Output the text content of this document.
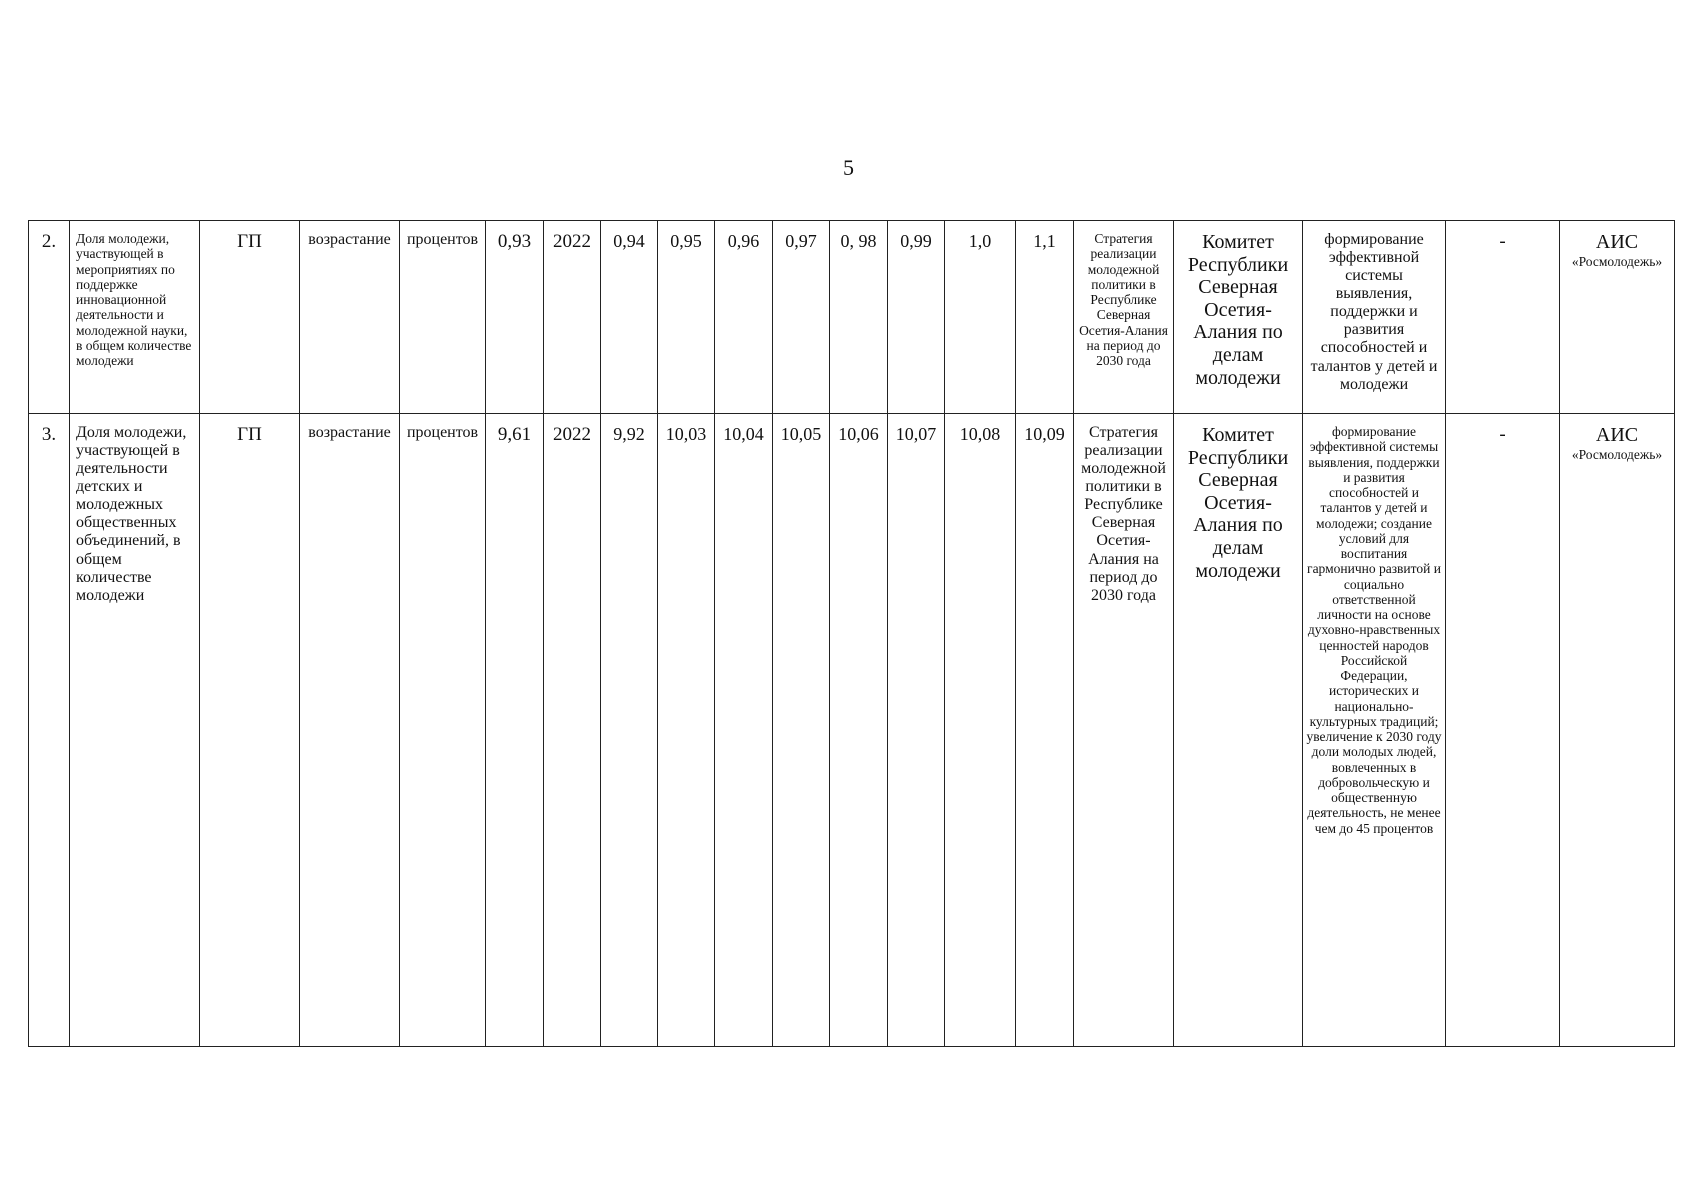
5
2.	Доля молодежи, участвующей в мероприятиях по поддержке инновационной деятельности и молодежной науки, в общем количестве молодежи	ГП	возрастание	процентов	0,93	2022	0,94	0,95	0,96	0,97	0, 98	0,99	1,0	1,1	Стратегия реализации молодежной политики в Республике Северная Осетия-Алания на период до 2030 года	Комитет Республики Северная Осетия-Алания по делам молодежи	формирование эффективной системы выявления, поддержки и развития способностей и талантов у детей и молодежи	-	АИС
«Росмолодежь»

3.	Доля молодежи, участвующей в деятельности детских и молодежных общественных объединений, в общем количестве молодежи	ГП	возрастание	процентов	9,61	2022	9,92	10,03	10,04	10,05	10,06	10,07	10,08	10,09	Стратегия реализации молодежной политики в Республике Северная Осетия-Алания на период до 2030 года	Комитет Республики Северная Осетия-Алания по делам молодежи	формирование эффективной системы выявления, поддержки и развития способностей и талантов у детей и молодежи; создание условий для воспитания гармонично развитой и социально ответственной личности на основе духовно-нравственных ценностей народов Российской Федерации, исторических и национально-культурных традиций; увеличение к 2030 году доли молодых людей, вовлеченных в добровольческую и общественную деятельность, не менее чем до 45 процентов	-	АИС
«Росмолодежь»
